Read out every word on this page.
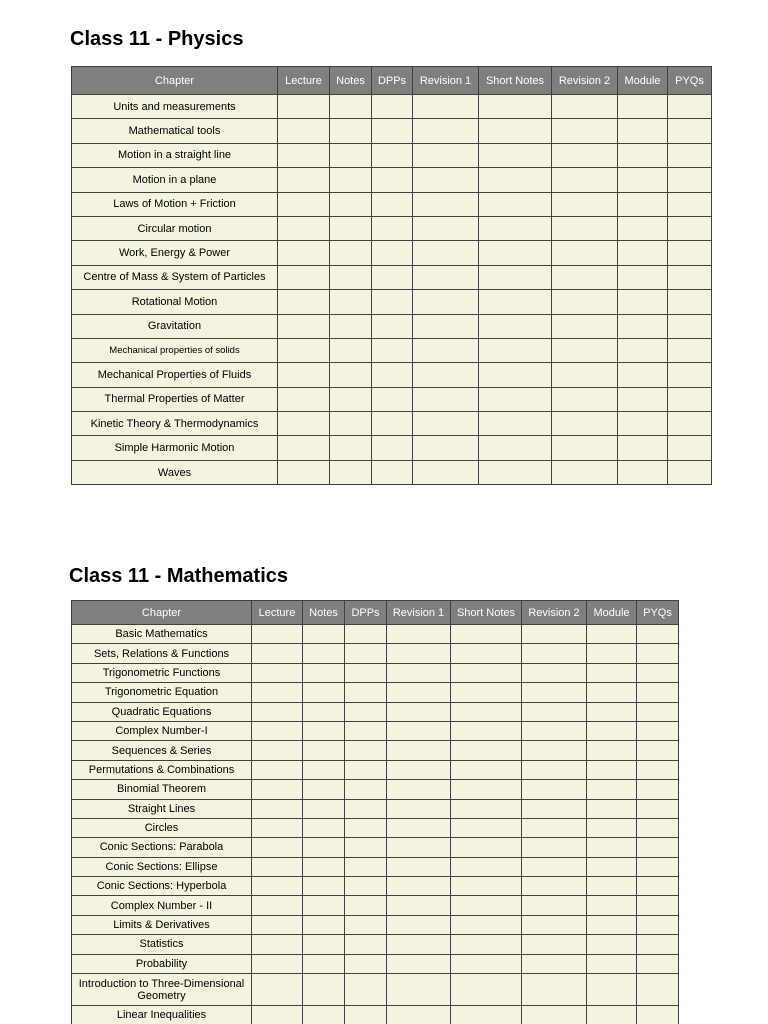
Class 11 - Physics
Chapter	Lecture	Notes	DPPs	Revision 1	Short Notes	Revision 2	Module	PYQs
Units and measurements								
Mathematical tools								
Motion in a straight line								
Motion in a plane								
Laws of Motion + Friction								
Circular motion								
Work, Energy & Power								
Centre of Mass & System of Particles								
Rotational Motion								
Gravitation								
Mechanical properties of solids								
Mechanical Properties of Fluids								
Thermal Properties of Matter								
Kinetic Theory & Thermodynamics								
Simple Harmonic Motion								
Waves								
Class 11 - Mathematics
Chapter	Lecture	Notes	DPPs	Revision 1	Short Notes	Revision 2	Module	PYQs
Basic Mathematics								
Sets, Relations & Functions								
Trigonometric Functions								
Trigonometric Equation								
Quadratic Equations								
Complex Number-I								
Sequences & Series								
Permutations & Combinations								
Binomial Theorem								
Straight Lines								
Circles								
Conic Sections: Parabola								
Conic Sections: Ellipse								
Conic Sections: Hyperbola								
Complex Number - II								
Limits & Derivatives								
Statistics								
Probability								
Introduction to Three-Dimensional Geometry								
Linear Inequalities								
